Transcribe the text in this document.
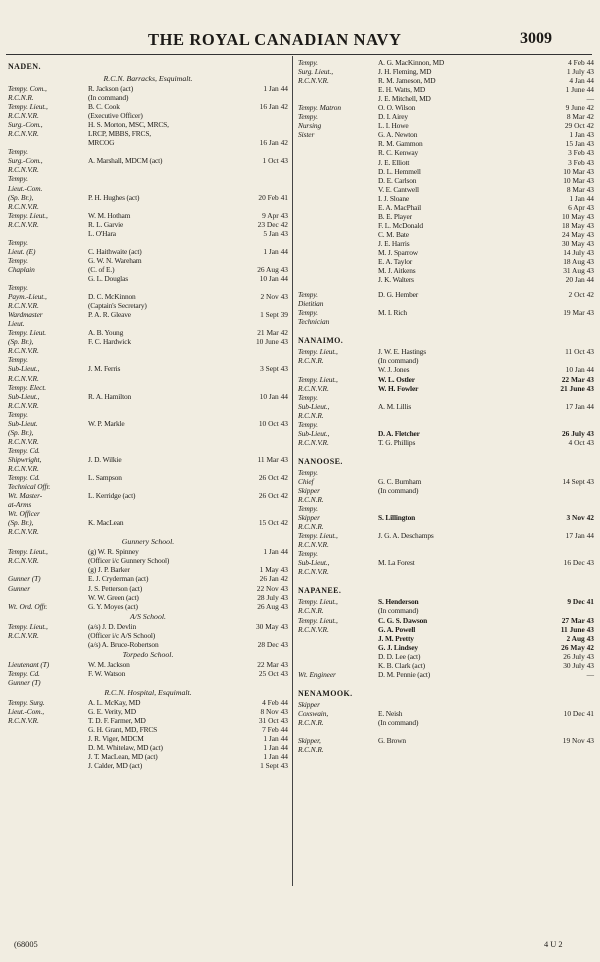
THE ROYAL CANADIAN NAVY	3009
NADEN.
R.C.N. Barracks, Esquimalt.
Tempy. Com.,	R. Jackson (act)	1 Jan 44
R.C.N.R.	(In command)
Tempy. Lieut.,	B. C. Cook	16 Jan 42
R.C.N.V.R.	(Executive Officer)
Surg.-Com.,	H. S. Morton, MSC, MRCS,
R.C.N.V.R.	LRCP, MBBS, FRCS,
MRCOG	16 Jan 42
Tempy.
Surg.-Com.,	A. Marshall, MDCM (act)	1 Oct 43
R.C.N.V.R.
Tempy.
Lieut.-Com.
(Sp. Br.),	P. H. Hughes (act)	20 Feb 41
R.C.N.V.R.
Tempy. Lieut.,	W. M. Hotham	9 Apr 43
R.C.N.V.R.	R. L. Garvie	23 Dec 42
L. O'Hara	5 Jan 43
Tempy.
Lieut. (E)	C. Haithwaite (act)	1 Jan 44
Tempy.	G. W. N. Wareham
Chaplain	(C. of E.)	26 Aug 43
G. L. Douglas	10 Jan 44
Tempy.
Paym.-Lieut.,	D. C. McKinnon	2 Nov 43
R.C.N.V.R.	(Captain's Secretary)
Wardmaster	P. A. R. Gleave	1 Sept 39
Lieut.
Tempy. Lieut.	A. B. Young	21 Mar 42
(Sp. Br.),	F. C. Hardwick	10 June 43
R.C.N.V.R.
Tempy.
Sub-Lieut.,	J. M. Ferris	3 Sept 43
R.C.N.V.R.
Tempy. Elect.
Sub-Lieut.,	R. A. Hamilton	10 Jan 44
R.C.N.V.R.
Tempy.
Sub-Lieut.	W. P. Markle	10 Oct 43
(Sp. Br.),
R.C.N.V.R.
Tempy. Cd.
Shipwright,	J. D. Wilkie	11 Mar 43
R.C.N.V.R.
Tempy. Cd.	L. Sampson	26 Oct 42
Technical Offr.
Wt. Master-	L. Kerridge (act)	26 Oct 42
at-Arms
Wt. Officer
(Sp. Br.),	K. MacLean	15 Oct 42
R.C.N.V.R.
Gunnery School.
Tempy. Lieut.,	(g) W. R. Spinney	1 Jan 44
R.C.N.V.R.	(Officer i/c Gunnery School)
(g) J. P. Barker	1 May 43
Gunner (T)	E. J. Cryderman (act)	26 Jan 42
Gunner	J. S. Petterson (act)	22 Nov 43
W. W. Green (act)	28 July 43
Wt. Ord. Offr.	G. Y. Moyes (act)	26 Aug 43
A/S School.
Tempy. Lieut.,	(a/s) J. D. Devlin	30 May 43
R.C.N.V.R.	(Officer i/c A/S School)
(a/s) A. Bruce-Robertson	28 Dec 43
Torpedo School.
Lieutenant (T)	W. M. Jackson	22 Mar 43
Tempy. Cd.	F. W. Watson	25 Oct 43
Gunner (T)
R.C.N. Hospital, Esquimalt.
Tempy. Surg.	A. L. McKay, MD	4 Feb 44
Lieut.-Com.,	G. E. Verity, MD	8 Nov 43
R.C.N.V.R.	T. D. F. Farmer, MD	31 Oct 43
G. H. Grant, MD, FRCS	7 Feb 44
J. R. Viger, MDCM	1 Jan 44
D. M. Whitelaw, MD (act)	1 Jan 44
J. T. MacLean, MD (act)	1 Jan 44
J. Calder, MD (act)	1 Sept 43
Tempy.	A. G. MacKinnon, MD	4 Feb 44
Surg. Lieut.,	J. H. Fleming, MD	1 July 43
R.C.N.V.R.	R. M. Jameson, MD	4 Jan 44
E. H. Watts, MD	1 June 44
J. E. Mitchell, MD	—
Tempy. Matron	O. O. Wilson	9 June 42
Tempy.	D. I. Airey	8 Mar 42
Nursing	L. I. Howe	29 Oct 42
Sister	G. A. Newton	1 Jan 43
R. M. Gammon	15 Jan 43
R. C. Kenway	3 Feb 43
J. E. Elliott	3 Feb 43
D. L. Hemmell	10 Mar 43
D. E. Carlson	10 Mar 43
V. E. Cantwell	8 Mar 43
I. J. Sloane	1 Jan 44
E. A. MacPhail	6 Apr 43
B. E. Player	10 May 43
F. L. McDonald	18 May 43
C. M. Bate	24 May 43
J. E. Harris	30 May 43
M. J. Sparrow	14 July 43
E. A. Taylor	18 Aug 43
M. J. Aitkens	31 Aug 43
J. K. Walters	20 Jan 44
Tempy.	D. G. Hember	2 Oct 42
Dietitian
Tempy.	M. I. Rich	19 Mar 43
Technician
NANAIMO.
Tempy. Lieut.,	J. W. E. Hastings	11 Oct 43
R.C.N.R.	(In command)
W. J. Jones	10 Jan 44
Tempy. Lieut.,	W. L. Ostler	22 Mar 43
R.C.N.V.R.	W. H. Fowler	21 June 43
Tempy.
Sub-Lieut.,	A. M. Lillis	17 Jan 44
R.C.N.R.
Tempy.
Sub-Lieut.,	D. A. Fletcher	26 July 43
R.C.N.V.R.	T. G. Phillips	4 Oct 43
NANOOSE.
Tempy.
Chief	G. C. Burnham	14 Sept 43
Skipper	(In command)
R.C.N.R.
Tempy.
Skipper	S. Lillington	3 Nov 42
R.C.N.R.
Tempy. Lieut.,	J. G. A. Deschamps	17 Jan 44
R.C.N.V.R.
Tempy.
Sub-Lieut.,	M. La Forest	16 Dec 43
R.C.N.V.R.
NAPANEE.
Tempy. Lieut.,	S. Henderson	9 Dec 41
R.C.N.R.	(In command)
Tempy. Lieut.,	C. G. S. Dawson	27 Mar 43
R.C.N.V.R.	G. A. Powell	11 June 43
J. M. Pretty	2 Aug 43
G. J. Lindsey	26 May 42
D. D. Lee (act)	26 July 43
K. B. Clark (act)	30 July 43
Wt. Engineer	D. M. Pennie (act)	—
NENAMOOK.
Skipper
Coxswain,	E. Neish	10 Dec 41
R.C.N.R.	(In command)
Skipper,	G. Brown	19 Nov 43
R.C.N.R.
(68005	4 U 2
